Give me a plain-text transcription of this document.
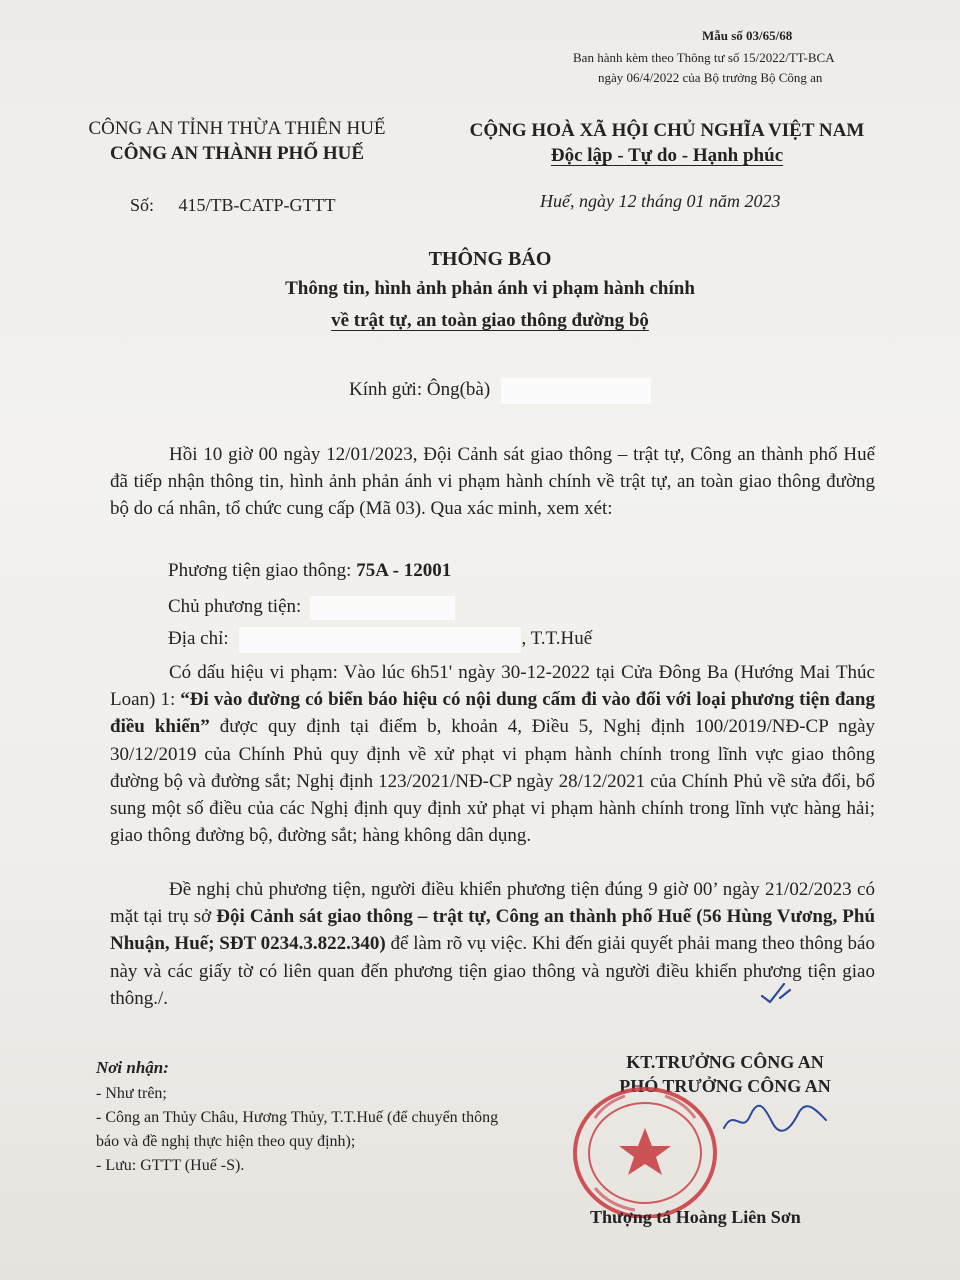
Mẫu số 03/65/68
Ban hành kèm theo Thông tư số 15/2022/TT-BCA
ngày 06/4/2022 của Bộ trưởng Bộ Công an
CÔNG AN TỈNH THỪA THIÊN HUẾ
CÔNG AN THÀNH PHỐ HUẾ
CỘNG HOÀ XÃ HỘI CHỦ NGHĨA VIỆT NAM
Độc lập - Tự do - Hạnh phúc
Số: 415/TB-CATP-GTTT	Huế, ngày 12 tháng 01 năm 2023
THÔNG BÁO
Thông tin, hình ảnh phản ánh vi phạm hành chính
về trật tự, an toàn giao thông đường bộ
Kính gửi: Ông(bà)
Hồi 10 giờ 00 ngày 12/01/2023, Đội Cảnh sát giao thông – trật tự, Công an thành phố Huế đã tiếp nhận thông tin, hình ảnh phản ánh vi phạm hành chính về trật tự, an toàn giao thông đường bộ do cá nhân, tổ chức cung cấp (Mã 03). Qua xác minh, xem xét:
Phương tiện giao thông: 75A - 12001
Chủ phương tiện:
Địa chỉ:	, T.T.Huế
Có dấu hiệu vi phạm: Vào lúc 6h51' ngày 30-12-2022 tại Cửa Đông Ba (Hướng Mai Thúc Loan) 1: “Đi vào đường có biển báo hiệu có nội dung cấm đi vào đối với loại phương tiện đang điều khiển” được quy định tại điểm b, khoản 4, Điều 5, Nghị định 100/2019/NĐ-CP ngày 30/12/2019 của Chính Phủ quy định về xử phạt vi phạm hành chính trong lĩnh vực giao thông đường bộ và đường sắt; Nghị định 123/2021/NĐ-CP ngày 28/12/2021 của Chính Phủ về sửa đổi, bổ sung một số điều của các Nghị định quy định xử phạt vi phạm hành chính trong lĩnh vực hàng hải; giao thông đường bộ, đường sắt; hàng không dân dụng.
Đề nghị chủ phương tiện, người điều khiển phương tiện đúng 9 giờ 00’ ngày 21/02/2023 có mặt tại trụ sở Đội Cảnh sát giao thông – trật tự, Công an thành phố Huế (56 Hùng Vương, Phú Nhuận, Huế; SĐT 0234.3.822.340) để làm rõ vụ việc. Khi đến giải quyết phải mang theo thông báo này và các giấy tờ có liên quan đến phương tiện giao thông và người điều khiển phương tiện giao thông./.
Nơi nhận:
- Như trên;
- Công an Thủy Châu, Hương Thủy, T.T.Huế (để chuyển thông báo và đề nghị thực hiện theo quy định);
- Lưu: GTTT (Huế -S).
KT.TRƯỞNG CÔNG AN
PHÓ TRƯỞNG CÔNG AN
Thượng tá Hoàng Liên Sơn
